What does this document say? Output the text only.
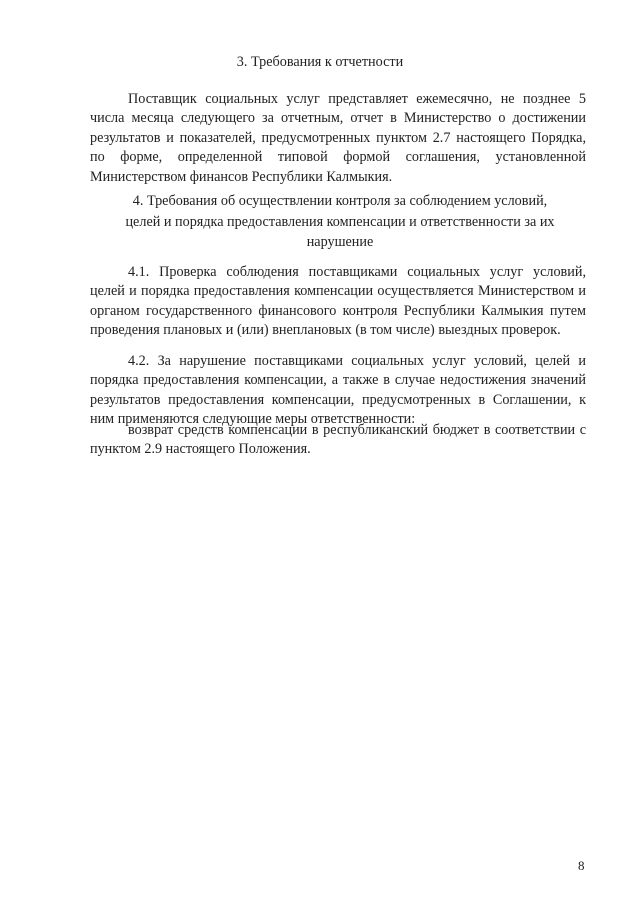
3. Требования к отчетности

Поставщик социальных услуг представляет ежемесячно, не позднее 5 числа месяца следующего за отчетным, отчет в Министерство о достижении результатов и показателей, предусмотренных пунктом 2.7 настоящего Порядка, по форме, определенной типовой формой соглашения, установленной Министерством финансов Республики Калмыкия.

4. Требования об осуществлении контроля за соблюдением условий,
целей и порядка предоставления компенсации и ответственности за их
нарушение

4.1. Проверка соблюдения поставщиками социальных услуг условий, целей и порядка предоставления компенсации осуществляется Министерством и органом государственного финансового контроля Республики Калмыкия путем проведения плановых и (или) внеплановых (в том числе) выездных проверок.

4.2. За нарушение поставщиками социальных услуг условий, целей и порядка предоставления компенсации, а также в случае недостижения значений результатов предоставления компенсации, предусмотренных в Соглашении, к ним применяются следующие меры ответственности:

возврат средств компенсации в республиканский бюджет в соответствии с пунктом 2.9 настоящего Положения.

8
